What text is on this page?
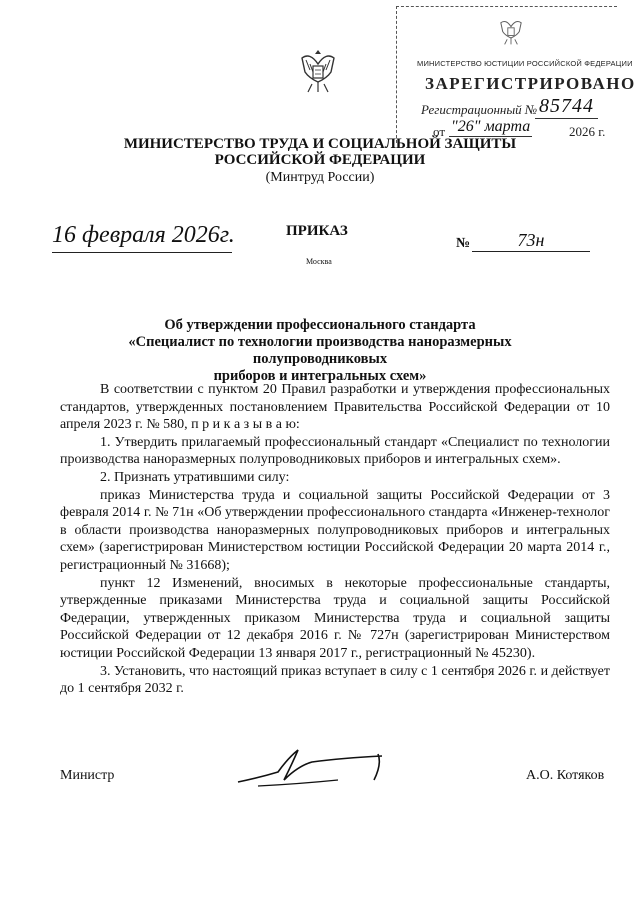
МИНИСТЕРСТВО ЮСТИЦИИ РОССИЙСКОЙ ФЕДЕРАЦИИ
ЗАРЕГИСТРИРОВАНО
Регистрационный № 85744
от "26" марта	2026 г.
МИНИСТЕРСТВО ТРУДА И СОЦИАЛЬНОЙ ЗАЩИТЫ
РОССИЙСКОЙ ФЕДЕРАЦИИ
(Минтруд России)
16 февраля 2026г.	ПРИКАЗ
Москва
№	73н
Об утверждении профессионального стандарта
«Специалист по технологии производства наноразмерных полупроводниковых
приборов и интегральных схем»

В соответствии с пунктом 20 Правил разработки и утверждения профессиональных стандартов, утвержденных постановлением Правительства Российской Федерации от 10 апреля 2023 г. № 580, п р и к а з ы в а ю:

1. Утвердить прилагаемый профессиональный стандарт «Специалист по технологии производства наноразмерных полупроводниковых приборов и интегральных схем».

2. Признать утратившими силу:

приказ Министерства труда и социальной защиты Российской Федерации от 3 февраля 2014 г. № 71н «Об утверждении профессионального стандарта «Инженер-технолог в области производства наноразмерных полупроводниковых приборов и интегральных схем» (зарегистрирован Министерством юстиции Российской Федерации 20 марта 2014 г., регистрационный № 31668);

пункт 12 Изменений, вносимых в некоторые профессиональные стандарты, утвержденные приказами Министерства труда и социальной защиты Российской Федерации, утвержденных приказом Министерства труда и социальной защиты Российской Федерации от 12 декабря 2016 г. № 727н (зарегистрирован Министерством юстиции Российской Федерации 13 января 2017 г., регистрационный № 45230).

3. Установить, что настоящий приказ вступает в силу с 1 сентября 2026 г. и действует до 1 сентября 2032 г.

Министр	А.О. Котяков
